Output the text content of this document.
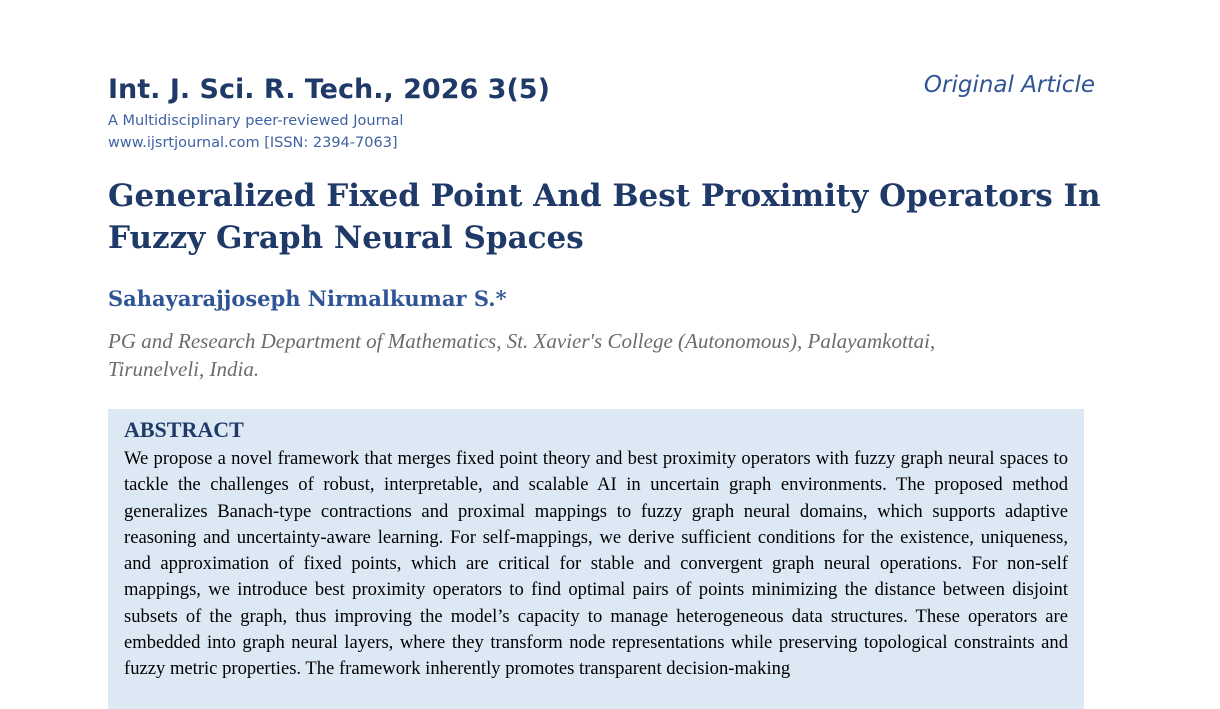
Int. J. Sci. R. Tech., 2026 3(5)
A Multidisciplinary peer-reviewed Journal
www.ijsrtjournal.com [ISSN: 2394-7063]
Original Article
Generalized Fixed Point And Best Proximity Operators In Fuzzy Graph Neural Spaces
Sahayarajjoseph Nirmalkumar S.*

PG and Research Department of Mathematics, St. Xavier's College (Autonomous), Palayamkottai, Tirunelveli, India.

ABSTRACT

We propose a novel framework that merges fixed point theory and best proximity operators with fuzzy graph neural spaces to tackle the challenges of robust, interpretable, and scalable AI in uncertain graph environments. The proposed method generalizes Banach-type contractions and proximal mappings to fuzzy graph neural domains, which supports adaptive reasoning and uncertainty-aware learning. For self-mappings, we derive sufficient conditions for the existence, uniqueness, and approximation of fixed points, which are critical for stable and convergent graph neural operations. For non-self mappings, we introduce best proximity operators to find optimal pairs of points minimizing the distance between disjoint subsets of the graph, thus improving the model’s capacity to manage heterogeneous data structures. These operators are embedded into graph neural layers, where they transform node representations while preserving topological constraints and fuzzy metric properties. The framework inherently promotes transparent decision-making
